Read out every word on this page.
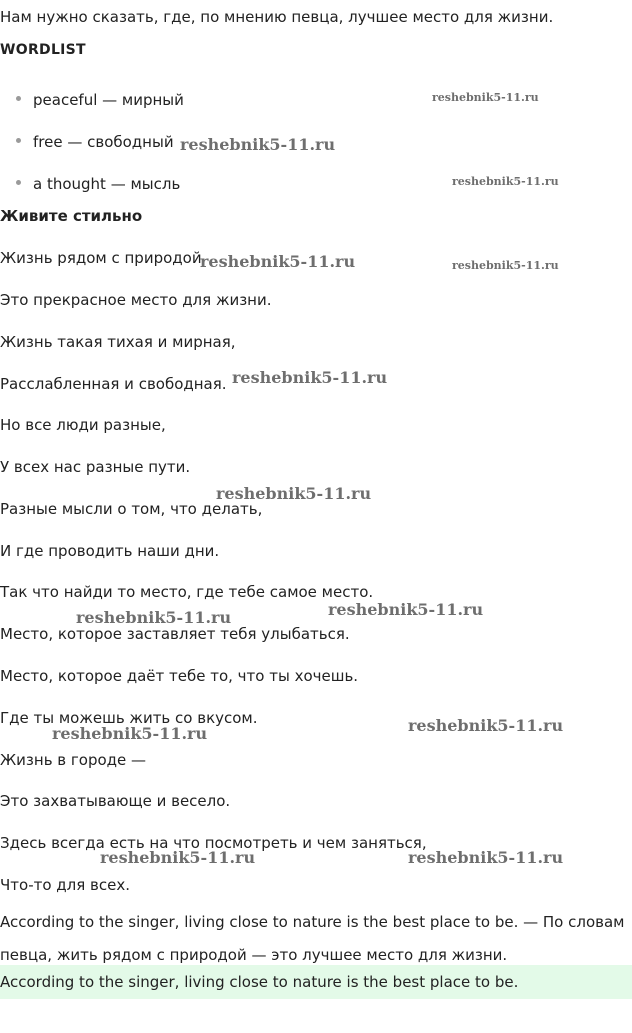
Нам нужно сказать, где, по мнению певца, лучшее место для жизни.
WORDLIST
peaceful — мирный
free — свободный
a thought — мысль
Живите стильно
Жизнь рядом с природой
Это прекрасное место для жизни.
Жизнь такая тихая и мирная,
Расслабленная и свободная.
Но все люди разные,
У всех нас разные пути.
Разные мысли о том, что делать,
И где проводить наши дни.
Так что найди то место, где тебе самое место.
Место, которое заставляет тебя улыбаться.
Место, которое даёт тебе то, что ты хочешь.
Где ты можешь жить со вкусом.
Жизнь в городе —
Это захватывающе и весело.
Здесь всегда есть на что посмотреть и чем заняться,
Что-то для всех.
According to the singer, living close to nature is the best place to be. — По словам певца, жить рядом с природой — это лучшее место для жизни.
According to the singer, living close to nature is the best place to be.
reshebnik5-11.ru
reshebnik5-11.ru
reshebnik5-11.ru
reshebnik5-11.ru	reshebnik5-11.ru
reshebnik5-11.ru
reshebnik5-11.ru
reshebnik5-11.ru
reshebnik5-11.ru
reshebnik5-11.ru
reshebnik5-11.ru
reshebnik5-11.ru	reshebnik5-11.ru
